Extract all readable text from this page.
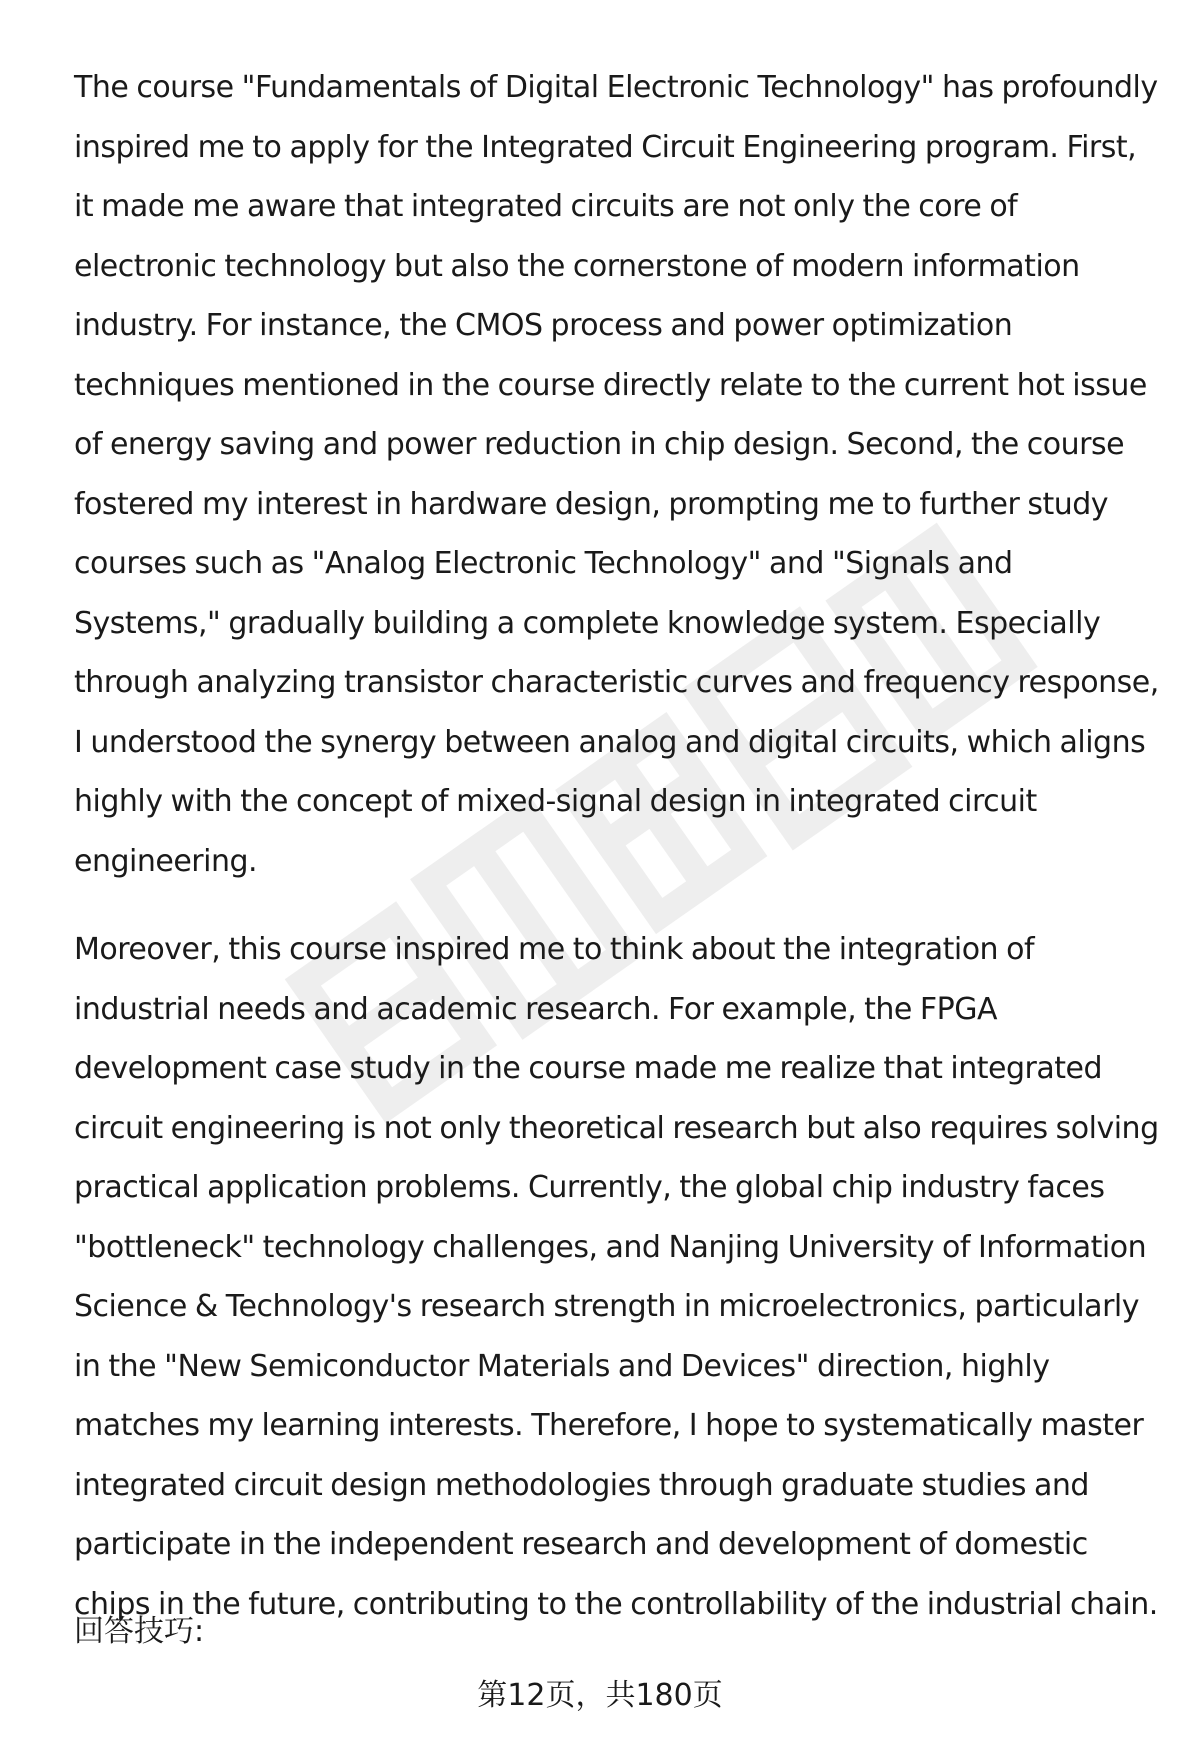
The course "Fundamentals of Digital Electronic Technology" has profoundly inspired me to apply for the Integrated Circuit Engineering program. First, it made me aware that integrated circuits are not only the core of electronic technology but also the cornerstone of modern information industry. For instance, the CMOS process and power optimization techniques mentioned in the course directly relate to the current hot issue of energy saving and power reduction in chip design. Second, the course fostered my interest in hardware design, prompting me to further study courses such as "Analog Electronic Technology" and "Signals and Systems," gradually building a complete knowledge system. Especially through analyzing transistor characteristic curves and frequency response, I understood the synergy between analog and digital circuits, which aligns highly with the concept of mixed-signal design in integrated circuit engineering.

Moreover, this course inspired me to think about the integration of industrial needs and academic research. For example, the FPGA development case study in the course made me realize that integrated circuit engineering is not only theoretical research but also requires solving practical application problems. Currently, the global chip industry faces "bottleneck" technology challenges, and Nanjing University of Information Science & Technology's research strength in microelectronics, particularly in the "New Semiconductor Materials and Devices" direction, highly matches my learning interests. Therefore, I hope to systematically master integrated circuit design methodologies through graduate studies and participate in the independent research and development of domestic chips in the future, contributing to the controllability of the industrial chain.

回答技巧:

第12页，共180页
